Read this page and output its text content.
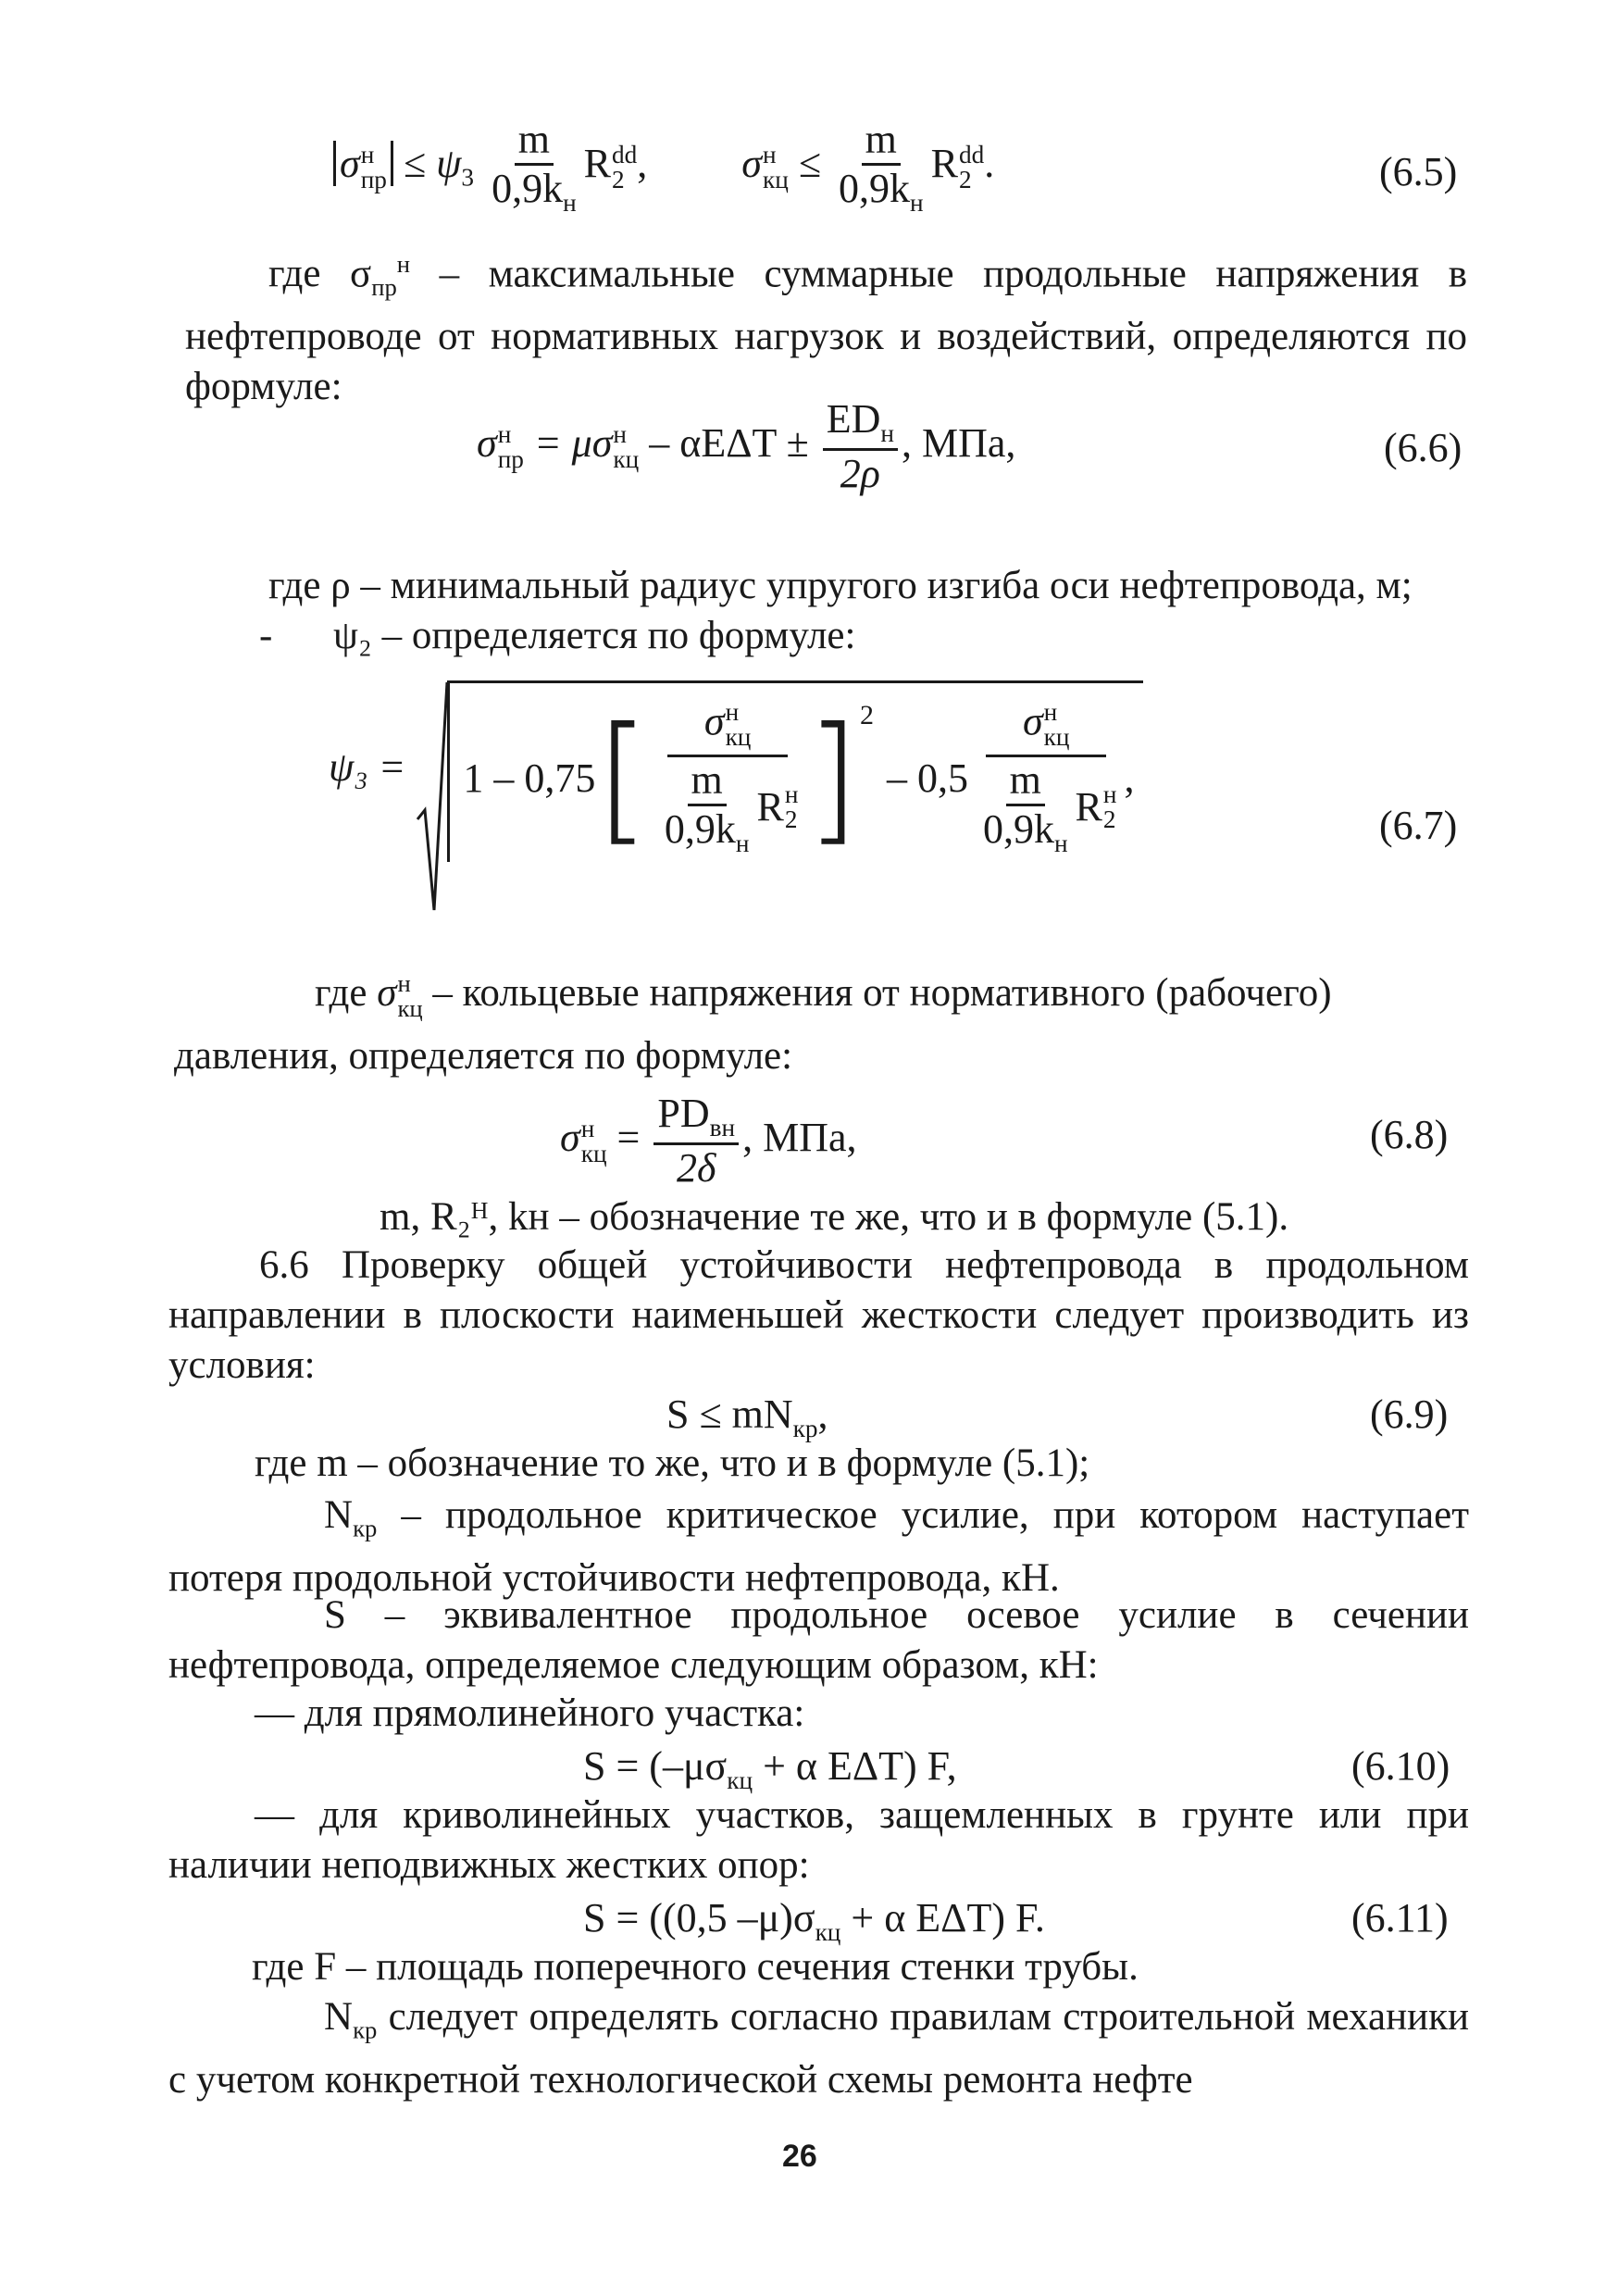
σ н
пр ≤ $\psi_3$
m
$0,9k_н$
R dd
2 ,  σ н
кц ≤
m
$0,9k_н$
R dd
2 .	(6.5)
где $\sigma_{пр}^н$ – максимальные суммарные продольные напряжения в нефтепроводе от нормативных нагрузок и воздействий, определяются по формуле:
σ н
пр = μσ н
кц – αEΔT ±
$ED_н$
2ρ
, МПа,	(6.6)
где ρ – минимальный радиус упругого изгиба оси нефтепровода, м;
- ψ₂ – определяется по формуле:
ψ₃ = 1 – 0,75 [	σ н
кц
m
$0,9k_н$
R н
2 ]$^2$
– 0,5
σ н
кц
m
$0,9k_н$
R н
2
,
(6.7)
где σ н
кц – кольцевые напряжения от нормативного (рабочего)
давления, определяется по формуле:
σ н
кц =
$PD_{вн}$
2δ
, МПа,	(6.8)
m, R₂ᴴ, kн – обозначение те же, что и в формуле (5.1).
6.6 Проверку общей устойчивости нефтепровода в продольном направлении в плоскости наименьшей жесткости следует производить из условия:
$S \le mN_{кр}$,	(6.9)
где m – обозначение то же, что и в формуле (5.1);
$N_{кр}$ – продольное критическое усилие, при котором наступает потеря продольной устойчивости нефтепровода, кН.
S – эквивалентное продольное осевое усилие в сечении нефтепровода, определяемое следующим образом, кН:
— для прямолинейного участка:
$S = (-\mu\sigma_{кц} + \alpha$ EΔT) F,	(6.10)
— для криволинейных участков, защемленных в грунте или при наличии неподвижных жестких опор:
S = ((0,5 $-\mu)\sigma_{кц} + \alpha$ EΔT) F.	(6.11)
где F – площадь поперечного сечения стенки трубы.
$N_{кр}$ следует определять согласно правилам строительной механики с учетом конкретной технологической схемы ремонта нефте
26
